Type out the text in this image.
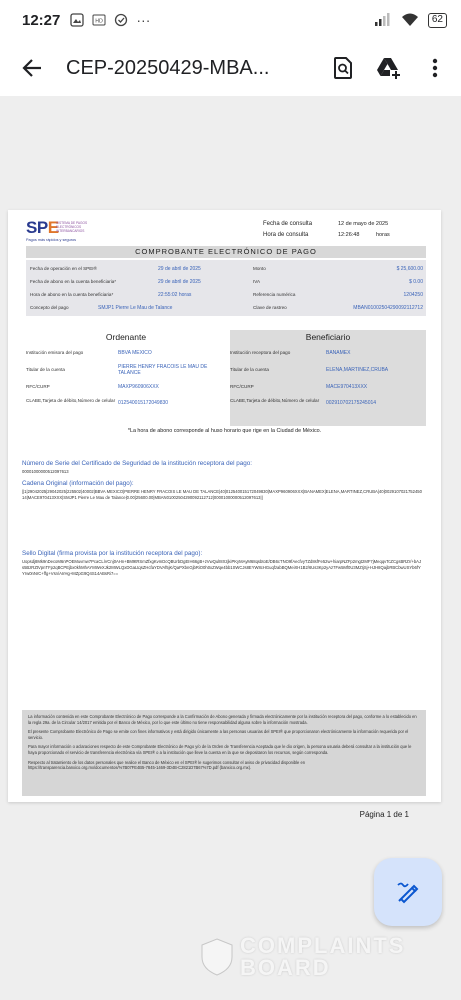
12:27	HD ···	62
CEP-20250429-MBA...
SPE
SISTEMA DE PAGOS ELECTRÓNICOS INTERBANCARIOS
Pagos más rápidos y seguros
Fecha de consulta	12 de mayo de 2025
Hora de consulta	12:26:48	horas
COMPROBANTE ELECTRÓNICO DE PAGO
Fecha de operación en el SPEI®	29 de abril de 2025
Fecha de abono en la cuenta beneficiaria*	29 de abril de 2025
Hora de abono en la cuenta beneficiaria*	22:55:02 horas
Concepto del pago	SMJP1 Pierre Le Mau de Talance
Monto	$ 25,600.00
IVA	$ 0.00
Referencia numérica	1204250
Clave de rastreo	MBAN01002504290092112712
Ordenante	Beneficiario
Institución emisora del pago	BBVA MEXICO
Titular de la cuenta	PIERRE HENRY FRACOIS LE MAU DE TALANCE
RFC/CURP	MAXP960906XXX
CLABE,Tarjeta de débito,Número de celular 012540015172049830
Institución receptora del pago	BANAMEX
Titular de la cuenta	ELENA,MARTINEZ,CRUBA
RFC/CURP	MACE970413XXX
CLABE,Tarjeta de débito,Número de celular 002910702175245014
*La hora de abono corresponde al huso horario que rige en la Ciudad de México.
Número de Serie del Certificado de Seguridad de la institución receptora del pago:
00001000000512097613
Cadena Original (información del pago):
||1|29042025|29042025|225502|40002|BBVA MEXICO|PIERRE HENRY FRACOIS LE MAU DE TALANCE|40|012540015172049830|MAXP960906XXX|BANAMEX|ELENA,MARTINEZ,CRUBA|40|002910702175245014|MACE970413XXX|SMJP1 Pierre Le Mau de Talance|0.00|25600.00|MBAN01002504290092112712|00001000000512097613||
Sello Digital (firma provista por la institución receptora del pago):
Uopsdj8Mk9nDecoM6nPOEMuvmw7PcaCLiVCnj0AHn+BM9tRSmZfxgKvmDcQBUrbDgEIH66gB+zVwQulI8XzjkiPKyMAyM68qsbtoE/DB6cTNO9fAecfvyTZd8sfFe52w+hiarpNZFp2mgt2MF7jMeqqvTcZCgsBRZr/+bAJs5BzRZtVpnTFp2qBCPEjbx0khMhAYMWeXJk2MWLQxDGaLtqsZHcfaYDVAf5jK/QaPXbnGjbRiO0h0xZWqe4bb1SWCJs8EYW8cHGuqfzabBQMeiXH1B2/6Us3Kp2yAz7Fw5Mf0U3MZIjSj+HJH8QajbRBCbwUSYb6fYYrw0nNrC+ffg+Vsn/AIrHg+MZpG9Q4S14ABsRi7==

La información contenida en este Comprobante Electrónico de Pago corresponde a la Confirmación de Abono generada y firmada electrónicamente por la institución receptora del pago, conforme a lo establecido en la regla 29a. de la Circular 14/2017 emitida por el Banco de México, por lo que este último no tiene responsabilidad alguna sobre la información mostrada.

El presente Comprobante Electrónico de Pago se emite con fines informativos y está dirigido únicamente a las personas usuarias del SPEI® que proporcionaron electrónicamente la información requerida por el servicio.

Para mayor información o aclaraciones respecto de este Comprobante Electrónico de Pago y/o de la Orden de Transferencia Aceptada que le dio origen, la persona usuaria deberá consultar a la institución que le haya proporcionado el servicio de transferencia electrónica vía SPEI® o a la institución que lleve la cuenta en la que se depositaron los recursos, según corresponda.

Respecto al tratamiento de los datos personales que realice el Banco de México en el SPEI® le sugerimos consultar el aviso de privacidad disponible en https://transparencia.banxico.org.mx/documentos/%7B07FE4B5-7845-1469-3D4B-C2821D7B67%7D.pdf (banxico.org.mx).

Página 1 de 1
COMPLAINTS
BOARD
